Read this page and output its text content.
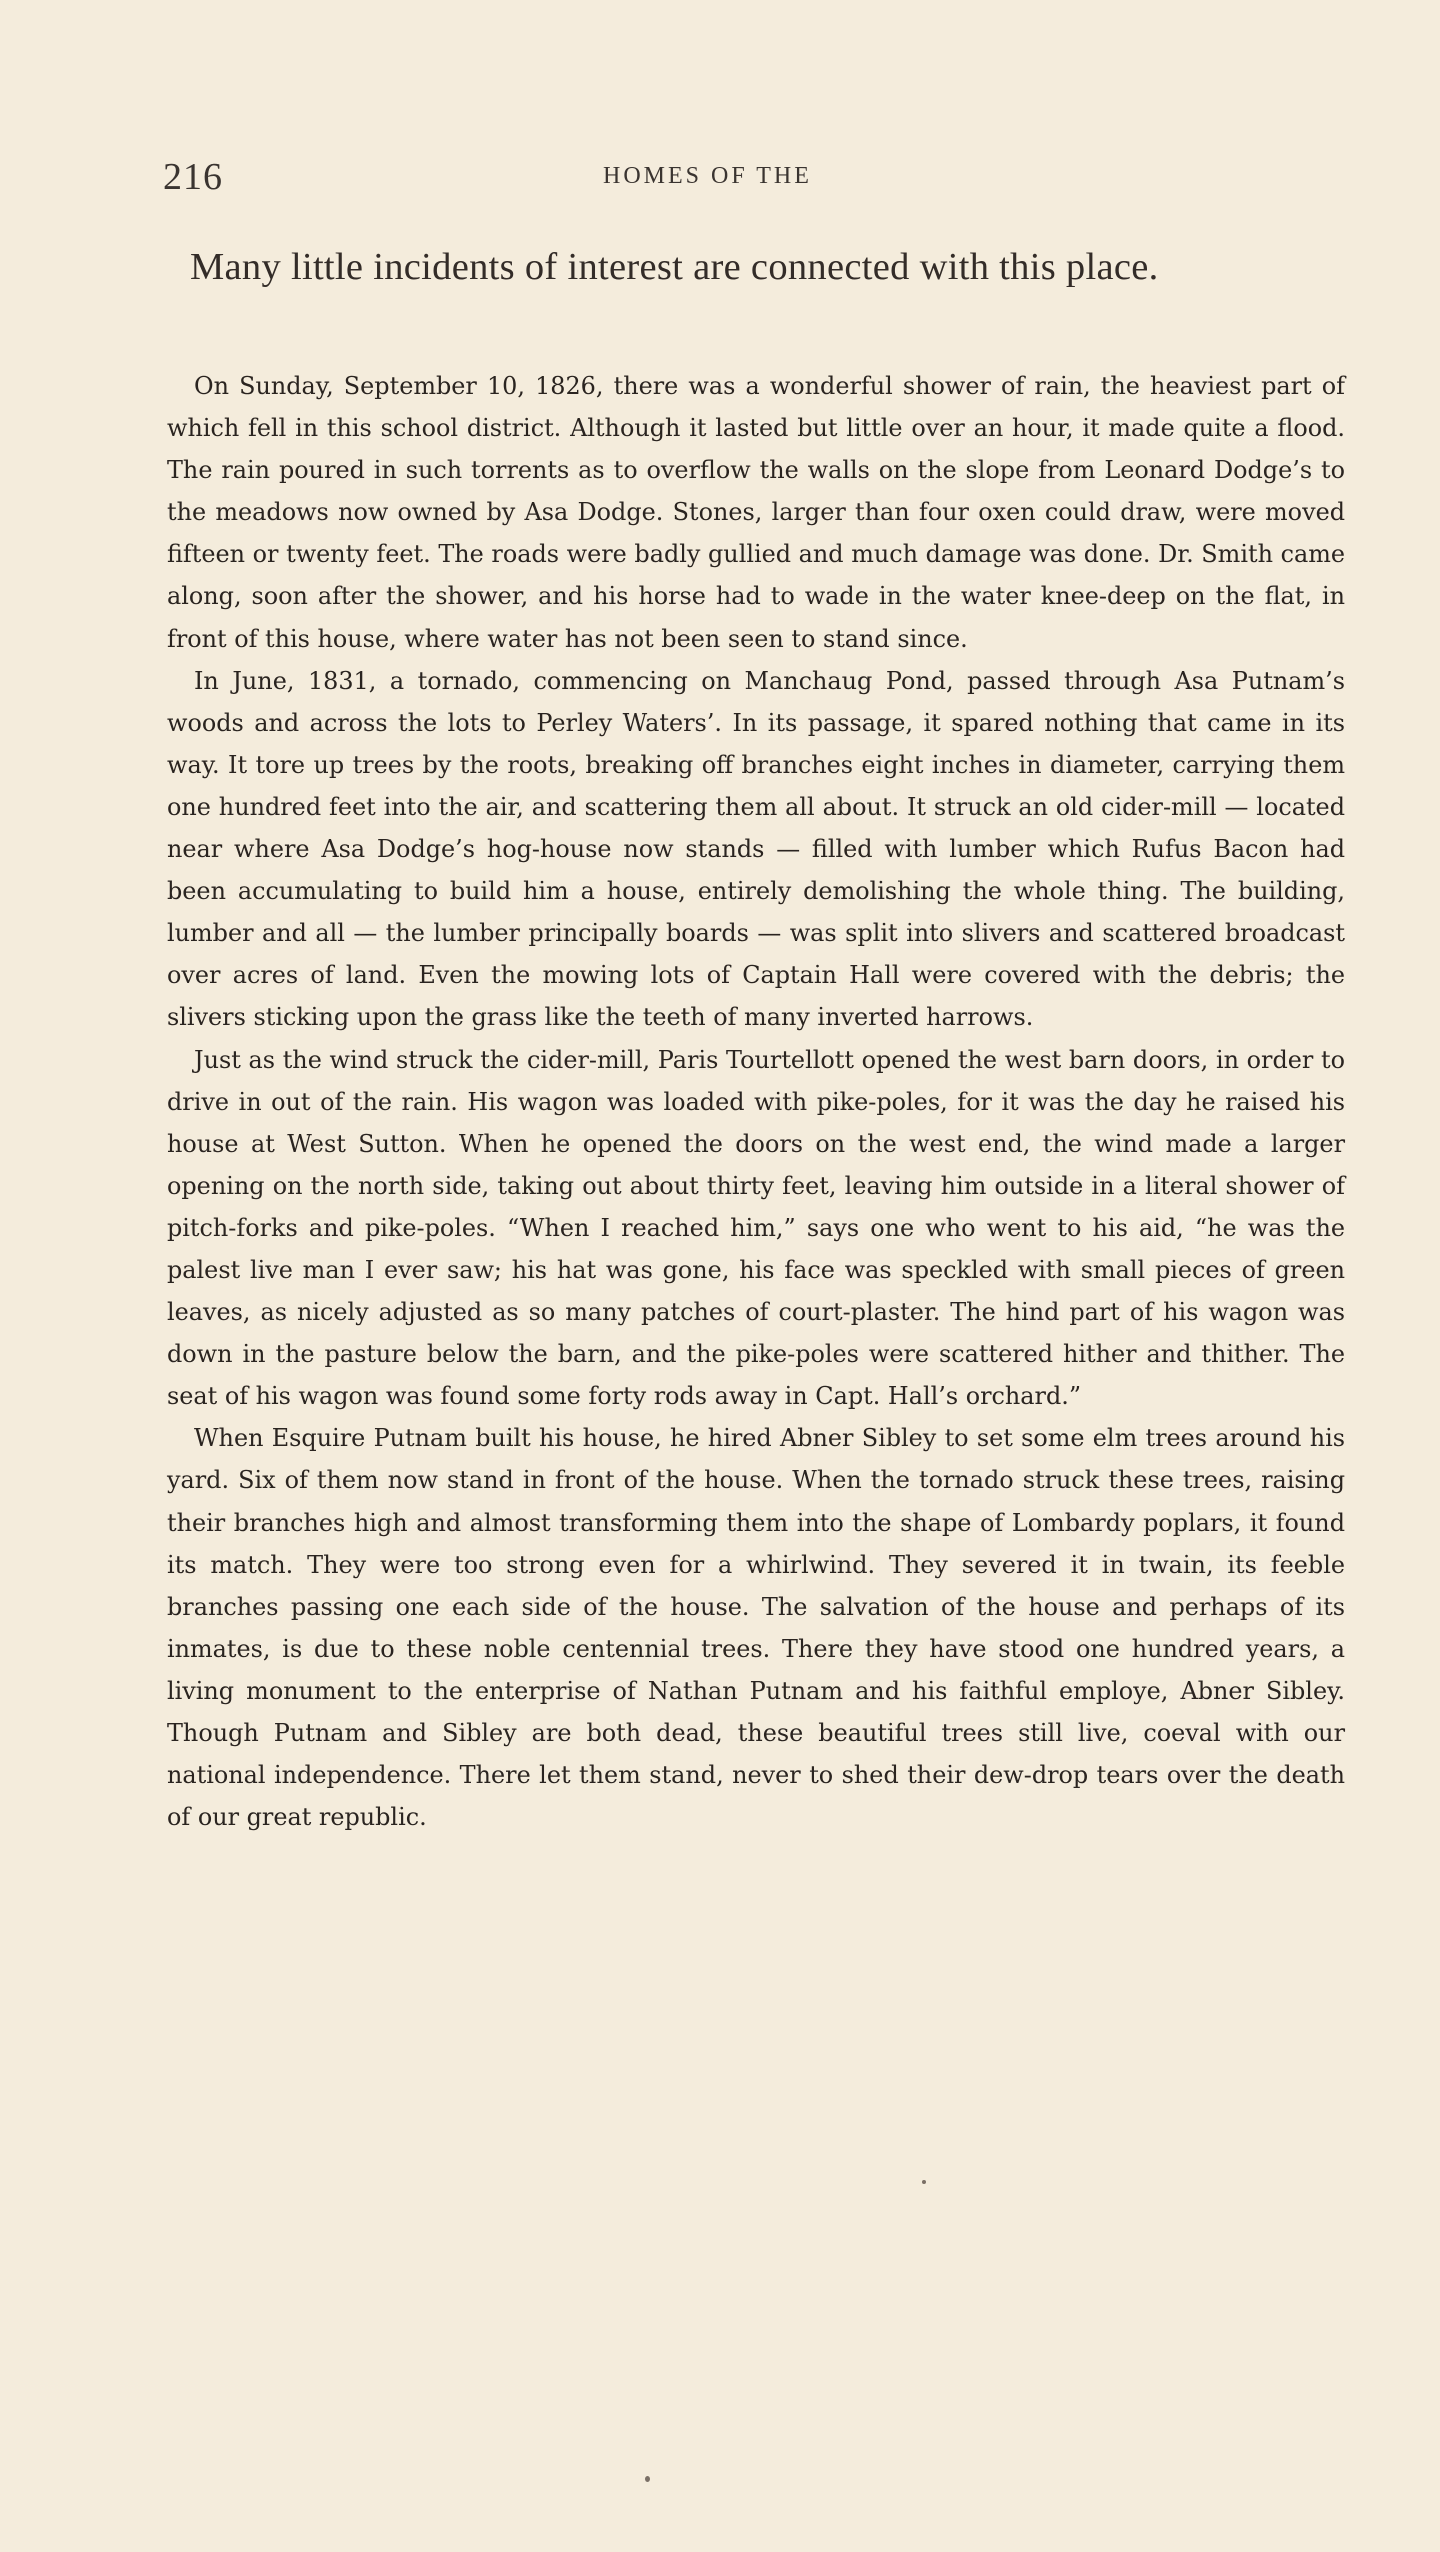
216	HOMES OF THE

Many little incidents of interest are connected with this place.

On Sunday, September 10, 1826, there was a wonderful shower of rain, the heaviest part of which fell in this school district. Although it lasted but little over an hour, it made quite a flood. The rain poured in such torrents as to overflow the walls on the slope from Leonard Dodge’s to the meadows now owned by Asa Dodge. Stones, larger than four oxen could draw, were moved fifteen or twenty feet. The roads were badly gullied and much damage was done. Dr. Smith came along, soon after the shower, and his horse had to wade in the water knee-deep on the flat, in front of this house, where water has not been seen to stand since.

In June, 1831, a tornado, commencing on Manchaug Pond, passed through Asa Putnam’s woods and across the lots to Perley Waters’. In its passage, it spared nothing that came in its way. It tore up trees by the roots, breaking off branches eight inches in diameter, carrying them one hundred feet into the air, and scattering them all about. It struck an old cider-mill — located near where Asa Dodge’s hog-house now stands — filled with lumber which Rufus Bacon had been accumulating to build him a house, entirely demolishing the whole thing. The building, lumber and all — the lumber principally boards — was split into slivers and scattered broadcast over acres of land. Even the mowing lots of Captain Hall were covered with the debris; the slivers sticking upon the grass like the teeth of many inverted harrows.

Just as the wind struck the cider-mill, Paris Tourtellott opened the west barn doors, in order to drive in out of the rain. His wagon was loaded with pike-poles, for it was the day he raised his house at West Sutton. When he opened the doors on the west end, the wind made a larger opening on the north side, taking out about thirty feet, leaving him outside in a literal shower of pitch-forks and pike-poles. “When I reached him,” says one who went to his aid, “he was the palest live man I ever saw; his hat was gone, his face was speckled with small pieces of green leaves, as nicely adjusted as so many patches of court-plaster. The hind part of his wagon was down in the pasture below the barn, and the pike-poles were scattered hither and thither. The seat of his wagon was found some forty rods away in Capt. Hall’s orchard.”

When Esquire Putnam built his house, he hired Abner Sibley to set some elm trees around his yard. Six of them now stand in front of the house. When the tornado struck these trees, raising their branches high and almost transforming them into the shape of Lombardy poplars, it found its match. They were too strong even for a whirlwind. They severed it in twain, its feeble branches passing one each side of the house. The salvation of the house and perhaps of its inmates, is due to these noble centennial trees. There they have stood one hundred years, a living monument to the enterprise of Nathan Putnam and his faithful employe, Abner Sibley. Though Putnam and Sibley are both dead, these beautiful trees still live, coeval with our national independence. There let them stand, never to shed their dew-drop tears over the death of our great republic.
